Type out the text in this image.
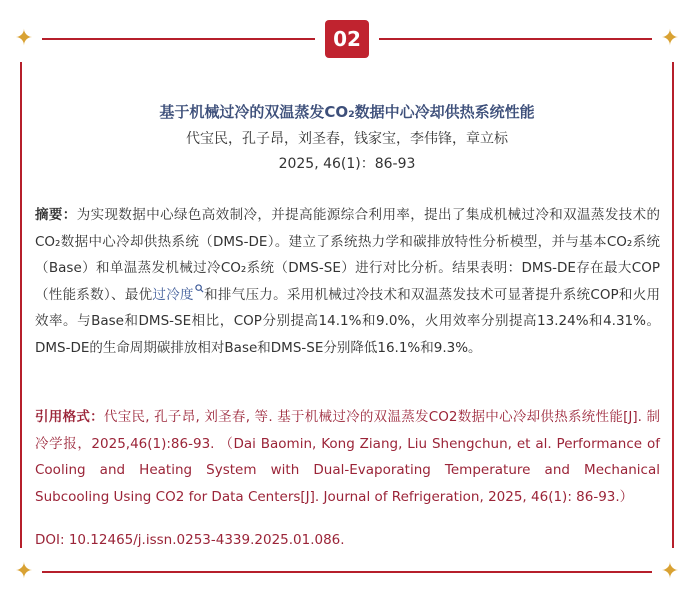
✦	✦
✦	✦
02
基于机械过冷的双温蒸发CO₂数据中心冷却供热系统性能
代宝民，孔子昂，刘圣春，钱家宝，李伟锋，章立标
2025, 46(1)：86-93
摘要：为实现数据中心绿色高效制冷，并提高能源综合利用率，提出了集成机械过冷和双温蒸发技术的CO₂数据中心冷却供热系统（DMS-DE）。建立了系统热力学和碳排放特性分析模型，并与基本CO₂系统（Base）和单温蒸发机械过冷CO₂系统（DMS-SE）进行对比分析。结果表明：DMS-DE存在最大COP（性能系数）、最优过冷度 和排气压力。采用机械过冷技术和双温蒸发技术可显著提升系统COP和火用效率。与Base和DMS-SE相比，COP分别提高14.1%和9.0%，火用效率分别提高13.24%和4.31%。DMS-DE的生命周期碳排放相对Base和DMS-SE分别降低16.1%和9.3%。
引用格式：代宝民, 孔子昂, 刘圣春, 等. 基于机械过冷的双温蒸发CO2数据中心冷却供热系统性能[J]. 制冷学报，2025,46(1):86-93. （Dai Baomin, Kong Ziang, Liu Shengchun, et al. Performance of Cooling and Heating System with Dual-Evaporating Temperature and Mechanical Subcooling Using CO2 for Data Centers[J]. Journal of Refrigeration, 2025, 46(1): 86-93.）
DOI: 10.12465/j.issn.0253-4339.2025.01.086.
